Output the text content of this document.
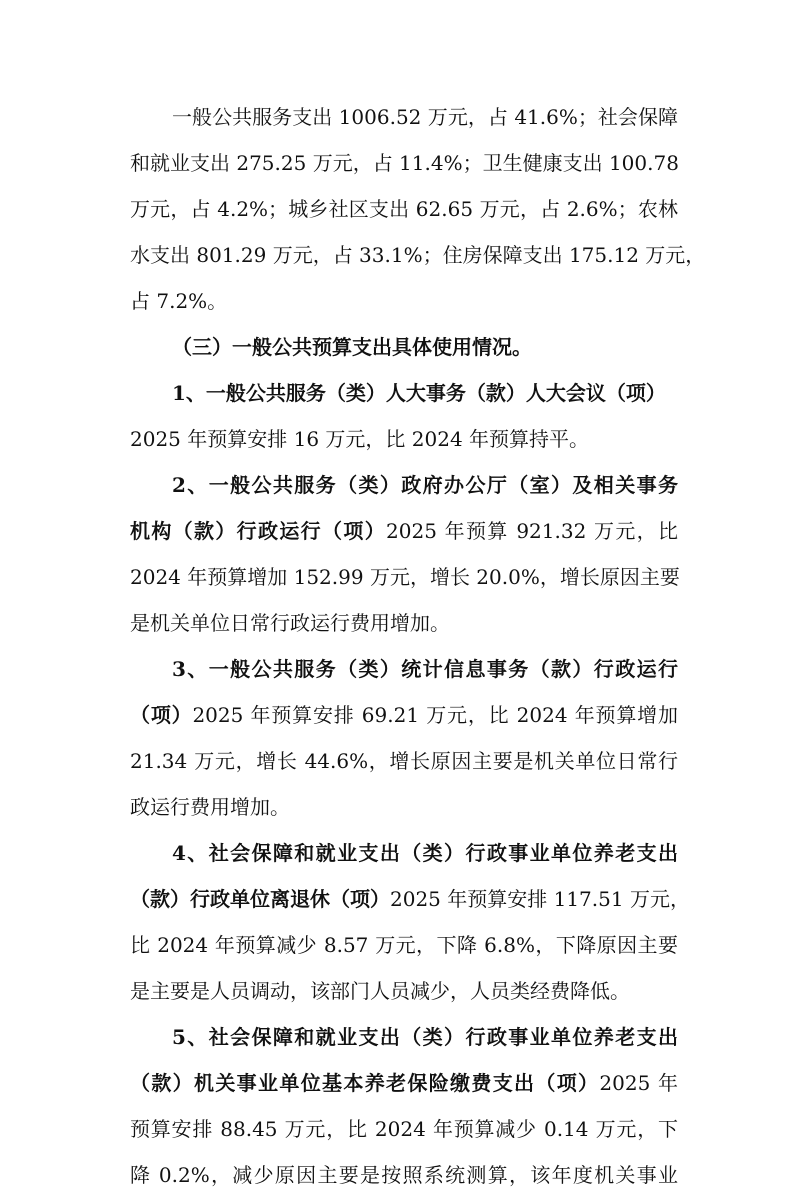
一般公共服务支出 1006.52 万元，占 41.6%；社会保障
和就业支出 275.25 万元，占 11.4%；卫生健康支出 100.78
万元，占 4.2%；城乡社区支出 62.65 万元，占 2.6%；农林
水支出 801.29 万元，占 33.1%；住房保障支出 175.12 万元，
占 7.2%。
（三）一般公共预算支出具体使用情况。
1、一般公共服务（类）人大事务（款）人大会议（项）
2025 年预算安排 16 万元，比 2024 年预算持平。
2、一般公共服务（类）政府办公厅（室）及相关事务
机构（款）行政运行（项）2025 年预算 921.32 万元，比
2024 年预算增加 152.99 万元，增长 20.0%，增长原因主要
是机关单位日常行政运行费用增加。
3、一般公共服务（类）统计信息事务（款）行政运行
（项）2025 年预算安排 69.21 万元，比 2024 年预算增加
21.34 万元，增长 44.6%，增长原因主要是机关单位日常行
政运行费用增加。
4、社会保障和就业支出（类）行政事业单位养老支出
（款）行政单位离退休（项）2025 年预算安排 117.51 万元，
比 2024 年预算减少 8.57 万元，下降 6.8%，下降原因主要
是主要是人员调动，该部门人员减少，人员类经费降低。
5、社会保障和就业支出（类）行政事业单位养老支出
（款）机关事业单位基本养老保险缴费支出（项）2025 年
预算安排 88.45 万元，比 2024 年预算减少 0.14 万元，下
降 0.2%，减少原因主要是按照系统测算，该年度机关事业
